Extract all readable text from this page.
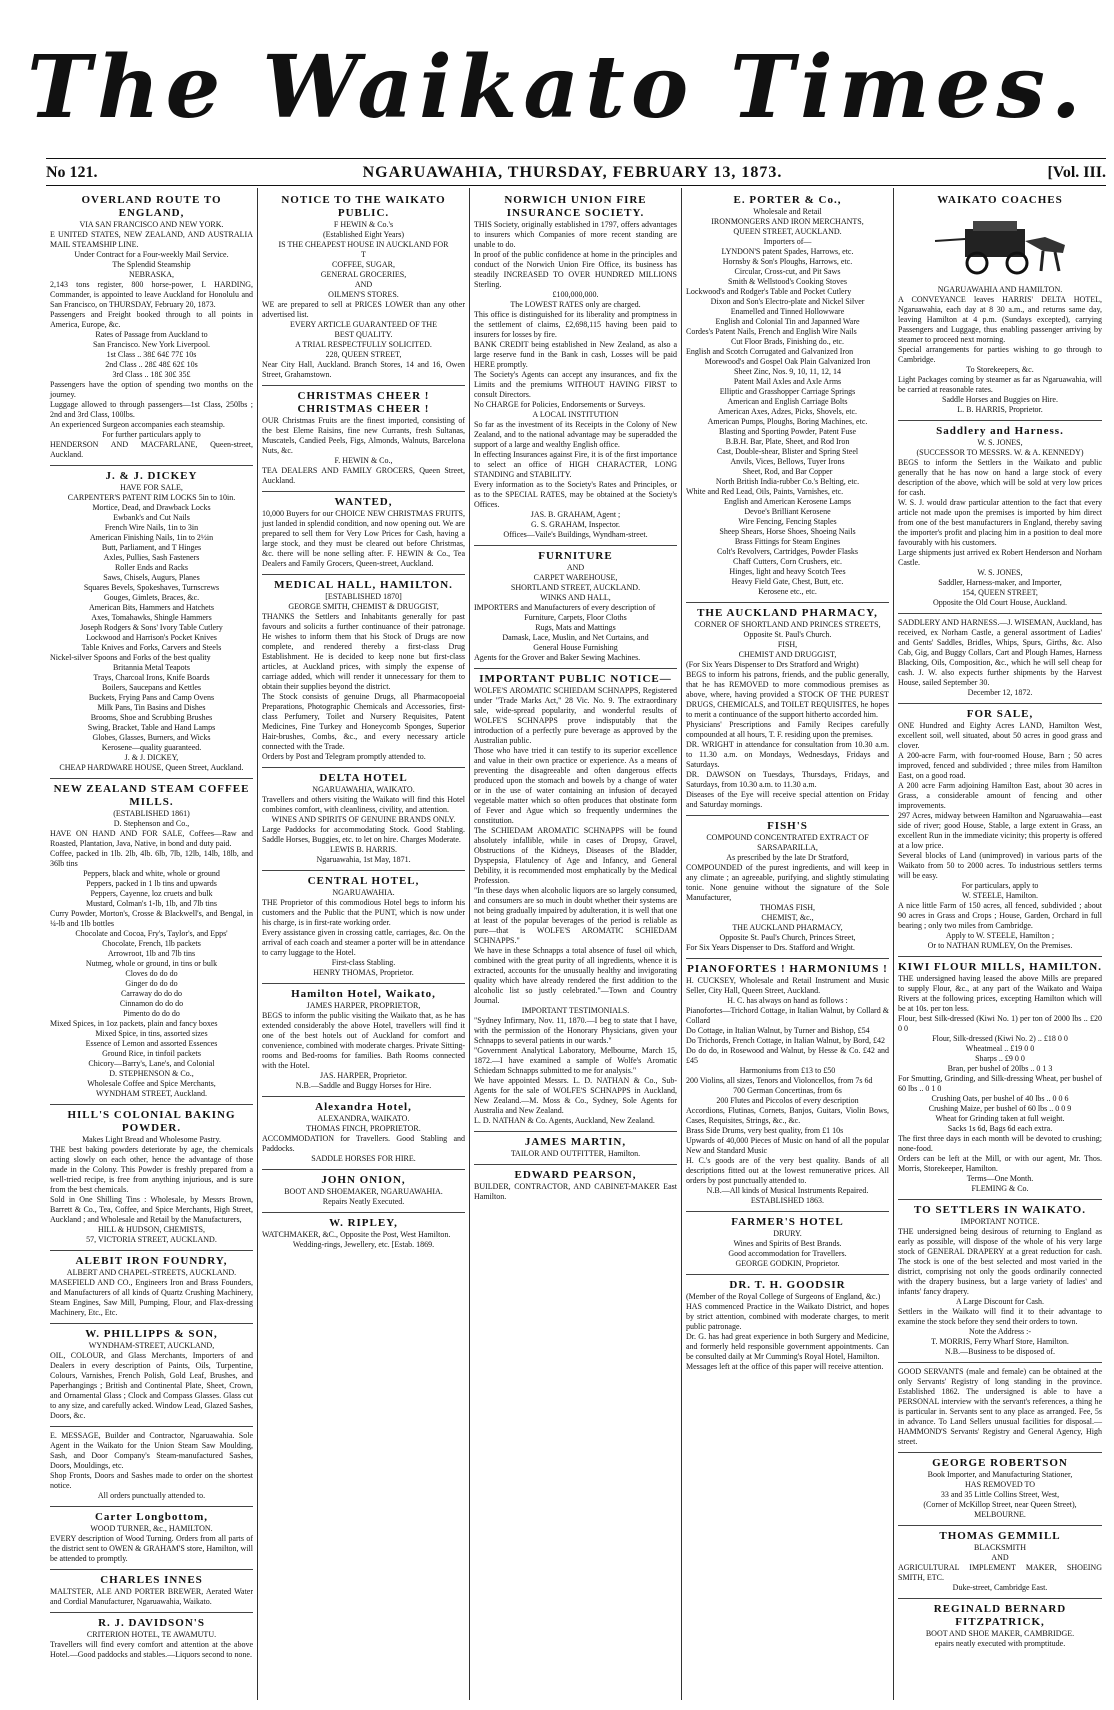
The Waikato Times.
No 121.	NGARUAWAHIA, THURSDAY, FEBRUARY 13, 1873.	[Vol. III.
OVERLAND ROUTE TO ENGLAND,
VIA SAN FRANCISCO AND NEW YORK.
E UNITED STATES, NEW ZEALAND, AND AUSTRALIA MAIL STEAMSHIP LINE.
Under Contract for a Four-weekly Mail Service.
The Splendid Steamship
NEBRASKA,
2,143 tons register, 800 horse-power, I. HARDING, Commander, is appointed to leave Auckland for Honolulu and San Francisco, on THURSDAY, February 20, 1873.
Passengers and Freight booked through to all points in America, Europe, &c.
Rates of Passage from Auckland to
San Francisco. New York Liverpool.
1st Class .. 38£ 64£ 77£ 10s
2nd Class .. 28£ 48£ 62£ 10s
3rd Class .. 18£ 30£ 35£
Passengers have the option of spending two months on the journey.
Luggage allowed to through passengers—1st Class, 250lbs ; 2nd and 3rd Class, 100lbs.
An experienced Surgeon accompanies each steamship.
For further particulars apply to
HENDERSON AND MACFARLANE, Queen-street, Auckland.
J. & J. DICKEY
HAVE FOR SALE,
CARPENTER'S PATENT RIM LOCKS 5in to 10in.
Mortice, Dead, and Drawback Locks
Ewbank's and Cut Nails
French Wire Nails, 1in to 3in
American Finishing Nails, 1in to 2½in
Butt, Parliament, and T Hinges
Axles, Pullies, Sash Fasteners
Roller Ends and Racks
Saws, Chisels, Augurs, Planes
Squares Bevels, Spokeshaves, Turnscrews
Gouges, Gimlets, Braces, &c.
American Bits, Hammers and Hatchets
Axes, Tomahawks, Shingle Hammers
Joseph Rodgers & Sons' Ivory Table Cutlery
Lockwood and Harrison's Pocket Knives
Table Knives and Forks, Carvers and Steels
Nickel-silver Spoons and Forks of the best quality
Britannia Metal Teapots
Trays, Charcoal Irons, Knife Boards
Boilers, Saucepans and Kettles
Buckets, Frying Pans and Camp Ovens
Milk Pans, Tin Basins and Dishes
Brooms, Shoe and Scrubbing Brushes
Swing, Bracket, Table and Hand Lamps
Globes, Glasses, Burners, and Wicks
Kerosene—quality guaranteed.
J. & J. DICKEY,
CHEAP HARDWARE HOUSE, Queen Street, Auckland.
NEW ZEALAND STEAM COFFEE MILLS.
(ESTABLISHED 1861)
D. Stephenson and Co.,
HAVE ON HAND AND FOR SALE, Coffees—Raw and Roasted, Plantation, Java, Native, in bond and duty paid.
Coffee, packed in 1lb. 2lb, 4lb. 6lb, 7lb, 12lb, 14lb, 18lb, and 36lb tins
Peppers, black and white, whole or ground
Peppers, packed in 1 lb tins and upwards
Peppers, Cayenne, loz cruets and bulk
Mustard, Colman's 1-lb, 1lb, and 7lb tins
Curry Powder, Morton's, Crosse & Blackwell's, and Bengal, in ¼-lb and 1lb bottles
Chocolate and Cocoa, Fry's, Taylor's, and Epps'
Chocolate, French, 1lb packets
Arrowroot, 1lb and 7lb tins
Nutmeg, whole or ground, in tins or bulk
Cloves do do do
Ginger do do do
Carraway do do do
Cinnamon do do do
Pimento do do do
Mixed Spices, in 1oz packets, plain and fancy boxes
Mixed Spice, in tins, assorted sizes
Essence of Lemon and assorted Essences
Ground Rice, in tinfoil packets
Chicory—Barry's, Lane's, and Colonial
D. STEPHENSON & Co.,
Wholesale Coffee and Spice Merchants,
WYNDHAM STREET, Auckland.
HILL'S COLONIAL BAKING POWDER.
Makes Light Bread and Wholesome Pastry.
THE best baking powders deteriorate by age, the chemicals acting slowly on each other, hence the advantage of those made in the Colony. This Powder is freshly prepared from a well-tried recipe, is free from anything injurious, and is sure from the best chemicals.
Sold in One Shilling Tins : Wholesale, by Messrs Brown, Barrett & Co., Tea, Coffee, and Spice Merchants, High Street, Auckland ; and Wholesale and Retail by the Manufacturers,
HILL & HUDSON, CHEMISTS,
57, VICTORIA STREET, AUCKLAND.
ALEBIT IRON FOUNDRY,
ALBERT AND CHAPEL-STREETS, AUCKLAND.
MASEFIELD AND CO., Engineers Iron and Brass Founders, and Manufacturers of all kinds of Quartz Crushing Machinery, Steam Engines, Saw Mill, Pumping, Flour, and Flax-dressing Machinery, Etc., Etc.
W. PHILLIPPS & SON,
WYNDHAM-STREET, AUCKLAND,
OIL, COLOUR, and Glass Merchants, Importers of and Dealers in every description of Paints, Oils, Turpentine, Colours, Varnishes, French Polish, Gold Leaf, Brushes, and Paperhangings ; British and Continental Plate, Sheet, Crown, and Ornamental Glass ; Clock and Compass Glasses. Glass cut to any size, and carefully acked. Window Lead, Glazed Sashes, Doors, &c.
E. MESSAGE, Builder and Contractor, Ngaruawahia. Sole Agent in the Waikato for the Union Steam Saw Moulding, Sash, and Door Company's Steam-manufactured Sashes, Doors, Mouldings, etc.
Shop Fronts, Doors and Sashes made to order on the shortest notice.
All orders punctually attended to.
Carter Longbottom,
WOOD TURNER, &c., HAMILTON.
EVERY description of Wood Turning. Orders from all parts of the district sent to OWEN & GRAHAM'S store, Hamilton, will be attended to promptly.
CHARLES INNES
MALTSTER, ALE AND PORTER BREWER, Aerated Water and Cordial Manufacturer, Ngaruawahia, Waikato.
R. J. DAVIDSON'S
CRITERION HOTEL, TE AWAMUTU.
Travellers will find every comfort and attention at the above Hotel.—Good paddocks and stables.—Liquors second to none.
NOTICE TO THE WAIKATO PUBLIC.
F HEWIN & Co.'s
(Established Eight Years)
IS THE CHEAPEST HOUSE IN AUCKLAND FOR
T
COFFEE, SUGAR,
GENERAL GROCERIES,
AND
OILMEN'S STORES.
WE are prepared to sell at PRICES LOWER than any other advertised list.
EVERY ARTICLE GUARANTEED OF THE
BEST QUALITY.
A TRIAL RESPECTFULLY SOLICITED.
228, QUEEN STREET,
Near City Hall, Auckland. Branch Stores, 14 and 16, Owen Street, Grahamstown.
CHRISTMAS CHEER ! CHRISTMAS CHEER !
OUR Christmas Fruits are the finest imported, consisting of the best Eleme Raisins, fine new Currants, fresh Sultanas, Muscatels, Candied Peels, Figs, Almonds, Walnuts, Barcelona Nuts, &c.
F. HEWIN & Co.,
TEA DEALERS AND FAMILY GROCERS, Queen Street, Auckland.
WANTED,
10,000 Buyers for our CHOICE NEW CHRISTMAS FRUITS, just landed in splendid condition, and now opening out. We are prepared to sell them for Very Low Prices for Cash, having a large stock, and they must be cleared out before Christmas, &c. there will be none selling after. F. HEWIN & Co., Tea Dealers and Family Grocers, Queen-street, Auckland.
MEDICAL HALL, HAMILTON.
[ESTABLISHED 1870]
GEORGE SMITH, CHEMIST & DRUGGIST,
THANKS the Settlers and Inhabitants generally for past favours and solicits a further continuance of their patronage. He wishes to inform them that his Stock of Drugs are now complete, and rendered thereby a first-class Drug Establishment. He is decided to keep none but first-class articles, at Auckland prices, with simply the expense of carriage added, which will render it unnecessary for them to obtain their supplies beyond the district.
The Stock consists of genuine Drugs, all Pharmacopoeial Preparations, Photographic Chemicals and Accessories, first-class Perfumery, Toilet and Nursery Requisites, Patent Medicines, Fine Turkey and Honeycomb Sponges, Superior Hair-brushes, Combs, &c., and every necessary article connected with the Trade.
Orders by Post and Telegram promptly attended to.
DELTA HOTEL
NGARUAWAHIA, WAIKATO.
Travellers and others visiting the Waikato will find this Hotel combines comfort, with cleanliness, civility, and attention.
WINES AND SPIRITS OF GENUINE BRANDS ONLY.
Large Paddocks for accommodating Stock. Good Stabling. Saddle Horses, Buggies, etc. to let on hire. Charges Moderate.
LEWIS B. HARRIS.
Ngaruawahia, 1st May, 1871.
CENTRAL HOTEL,
NGARUAWAHIA.
THE Proprietor of this commodious Hotel begs to inform his customers and the Public that the PUNT, which is now under his charge, is in first-rate working order.
Every assistance given in crossing cattle, carriages, &c. On the arrival of each coach and steamer a porter will be in attendance to carry luggage to the Hotel.
First-class Stabling.
HENRY THOMAS, Proprietor.
Hamilton Hotel, Waikato,
JAMES HARPER, PROPRIETOR,
BEGS to inform the public visiting the Waikato that, as he has extended considerably the above Hotel, travellers will find it one of the best hotels out of Auckland for comfort and convenience, combined with moderate charges. Private Sitting-rooms and Bed-rooms for families. Bath Rooms connected with the Hotel.
JAS. HARPER, Proprietor.
N.B.—Saddle and Buggy Horses for Hire.
Alexandra Hotel,
ALEXANDRA, WAIKATO.
THOMAS FINCH, PROPRIETOR.
ACCOMMODATION for Travellers. Good Stabling and Paddocks.
SADDLE HORSES FOR HIRE.
JOHN ONION,
BOOT AND SHOEMAKER, NGARUAWAHIA.
Repairs Neatly Executed.
W. RIPLEY,
WATCHMAKER, &C., Opposite the Post, West Hamilton.
Wedding-rings, Jewellery, etc. [Estab. 1869.
NORWICH UNION FIRE INSURANCE SOCIETY.
THIS Society, originally established in 1797, offers advantages to insurers which Companies of more recent standing are unable to do.
In proof of the public confidence at home in the principles and conduct of the Norwich Union Fire Office, its business has steadily INCREASED TO OVER HUNDRED MILLIONS Sterling.
£100,000,000.
The LOWEST RATES only are charged.
This office is distinguished for its liberality and promptness in the settlement of claims, £2,698,115 having been paid to insurers for losses by fire.
BANK CREDIT being established in New Zealand, as also a large reserve fund in the Bank in cash, Losses will be paid HERE promptly.
The Society's Agents can accept any insurances, and fix the Limits and the premiums WITHOUT HAVING FIRST to consult Directors.
No CHARGE for Policies, Endorsements or Surveys.
A LOCAL INSTITUTION
So far as the investment of its Receipts in the Colony of New Zealand, and to the national advantage may be superadded the support of a large and wealthy English office.
In effecting Insurances against Fire, it is of the first importance to select an office of HIGH CHARACTER, LONG STANDING and STABILITY.
Every information as to the Society's Rates and Principles, or as to the SPECIAL RATES, may be obtained at the Society's Offices.
JAS. B. GRAHAM, Agent ;
G. S. GRAHAM, Inspector.
Offices—Vaile's Buildings, Wyndham-street.
FURNITURE
AND
CARPET WAREHOUSE,
SHORTLAND STREET, AUCKLAND.
WINKS AND HALL,
IMPORTERS and Manufacturers of every description of
Furniture, Carpets, Floor Cloths
Rugs, Mats and Mattings
Damask, Lace, Muslin, and Net Curtains, and
General House Furnishing
Agents for the Grover and Baker Sewing Machines.
IMPORTANT PUBLIC NOTICE—
WOLFE'S AROMATIC SCHIEDAM SCHNAPPS, Registered under "Trade Marks Act," 28 Vic. No. 9. The extraordinary sale, wide-spread popularity, and wonderful results of WOLFE'S SCHNAPPS prove indisputably that the introduction of a perfectly pure beverage as approved by the Australian public.
Those who have tried it can testify to its superior excellence and value in their own practice or experience. As a means of preventing the disagreeable and often dangerous effects produced upon the stomach and bowels by a change of water or in the use of water containing an infusion of decayed vegetable matter which so often produces that obstinate form of Fever and Ague which so frequently undermines the constitution.
The SCHIEDAM AROMATIC SCHNAPPS will be found absolutely infallible, while in cases of Dropsy, Gravel, Obstructions of the Kidneys, Diseases of the Bladder, Dyspepsia, Flatulency of Age and Infancy, and General Debility, it is recommended most emphatically by the Medical Profession.
"In these days when alcoholic liquors are so largely consumed, and consumers are so much in doubt whether their systems are not being gradually impaired by adulteration, it is well that one at least of the popular beverages of the period is reliable as pure—that is WOLFE'S AROMATIC SCHIEDAM SCHNAPPS."
We have in these Schnapps a total absence of fusel oil which, combined with the great purity of all ingredients, whence it is extracted, accounts for the unusually healthy and invigorating quality which have already rendered the first addition to the alcoholic list so justly celebrated."—Town and Country Journal.
IMPORTANT TESTIMONIALS.
"Sydney Infirmary, Nov. 11, 1870.—I beg to state that I have, with the permission of the Honorary Physicians, given your Schnapps to several patients in our wards."
"Government Analytical Laboratory, Melbourne, March 15, 1872.—I have examined a sample of Wolfe's Aromatic Schiedam Schnapps submitted to me for analysis."
We have appointed Messrs. L. D. NATHAN & Co., Sub-Agents for the sale of WOLFE'S SCHNAPPS in Auckland, New Zealand.—M. Moss & Co., Sydney, Sole Agents for Australia and New Zealand.
L. D. NATHAN & Co. Agents, Auckland, New Zealand.
JAMES MARTIN,
TAILOR AND OUTFITTER, Hamilton.
EDWARD PEARSON,
BUILDER, CONTRACTOR, AND CABINET-MAKER East Hamilton.
E. PORTER & Co.,
Wholesale and Retail
IRONMONGERS AND IRON MERCHANTS,
QUEEN STREET, AUCKLAND.
Importers of—
LYNDON'S patent Spades, Harrows, etc.
Hornsby & Son's Ploughs, Harrows, etc.
Circular, Cross-cut, and Pit Saws
Smith & Wellstood's Cooking Stoves
Lockwood's and Rodger's Table and Pocket Cutlery
Dixon and Son's Electro-plate and Nickel Silver
Enamelled and Tinned Hollowware
English and Colonial Tin and Japanned Ware
Cordes's Patent Nails, French and English Wire Nails
Cut Floor Brads, Finishing do., etc.
English and Scotch Corrugated and Galvanized Iron
Morewood's and Gospel Oak Plain Galvanized Iron
Sheet Zinc, Nos. 9, 10, 11, 12, 14
Patent Mail Axles and Axle Arms
Elliptic and Grasshopper Carriage Springs
American and English Carriage Bolts
American Axes, Adzes, Picks, Shovels, etc.
American Pumps, Ploughs, Boring Machines, etc.
Blasting and Sporting Powder, Patent Fuse
B.B.H. Bar, Plate, Sheet, and Rod Iron
Cast, Double-shear, Blister and Spring Steel
Anvils, Vices, Bellows, Tuyer Irons
Sheet, Rod, and Bar Copper
North British India-rubber Co.'s Belting, etc.
White and Red Lead, Oils, Paints, Varnishes, etc.
English and American Kerosene Lamps
Devoe's Brilliant Kerosene
Wire Fencing, Fencing Staples
Sheep Shears, Horse Shoes, Shoeing Nails
Brass Fittings for Steam Engines
Colt's Revolvers, Cartridges, Powder Flasks
Chaff Cutters, Corn Crushers, etc.
Hinges, light and heavy Scotch Tees
Heavy Field Gate, Chest, Butt, etc.
Kerosene etc., etc.
THE AUCKLAND PHARMACY,
CORNER OF SHORTLAND AND PRINCES STREETS,
Opposite St. Paul's Church.
FISH,
CHEMIST AND DRUGGIST,
(For Six Years Dispenser to Drs Stratford and Wright)
BEGS to inform his patrons, friends, and the public generally, that he has REMOVED to more commodious premises as above, where, having provided a STOCK OF THE PUREST DRUGS, CHEMICALS, and TOILET REQUISITES, he hopes to merit a continuance of the support hitherto accorded him.
Physicians' Prescriptions and Family Recipes carefully compounded at all hours, T. F. residing upon the premises.
DR. WRIGHT in attendance for consultation from 10.30 a.m. to 11.30 a.m. on Mondays, Wednesdays, Fridays and Saturdays.
DR. DAWSON on Tuesdays, Thursdays, Fridays, and Saturdays, from 10.30 a.m. to 11.30 a.m.
Diseases of the Eye will receive special attention on Friday and Saturday mornings.
FISH'S
COMPOUND CONCENTRATED EXTRACT OF SARSAPARILLA,
As prescribed by the late Dr Stratford,
COMPOUNDED of the purest ingredients, and will keep in any climate ; an agreeable, purifying, and slightly stimulating tonic. None genuine without the signature of the Sole Manufacturer,
THOMAS FISH,
CHEMIST, &c.,
THE AUCKLAND PHARMACY,
Opposite St. Paul's Church, Princes Street,
For Six Years Dispenser to Drs. Stafford and Wright.
PIANOFORTES ! HARMONIUMS !
H. CUCKSEY, Wholesale and Retail Instrument and Music Seller, City Hall, Queen Street, Auckland.
H. C. has always on hand as follows :
Pianofortes—Trichord Cottage, in Italian Walnut, by Collard & Collard
Do Cottage, in Italian Walnut, by Turner and Bishop, £54
Do Trichords, French Cottage, in Italian Walnut, by Bord, £42
Do do do, in Rosewood and Walnut, by Hesse & Co. £42 and £45
Harmoniums from £13 to £50
200 Violins, all sizes, Tenors and Violoncellos, from 7s 6d
700 German Concertinas, from 6s
200 Flutes and Piccolos of every description
Accordions, Flutinas, Cornets, Banjos, Guitars, Violin Bows, Cases, Requisites, Strings, &c., &c.
Brass Side Drums, very best quality, from £1 10s
Upwards of 40,000 Pieces of Music on hand of all the popular New and Standard Music
H. C.'s goods are of the very best quality. Bands of all descriptions fitted out at the lowest remunerative prices. All orders by post punctually attended to.
N.B.—All kinds of Musical Instruments Repaired.
ESTABLISHED 1863.
FARMER'S HOTEL
DRURY.
Wines and Spirits of Best Brands.
Good accommodation for Travellers.
GEORGE GODKIN, Proprietor.
DR. T. H. GOODSIR
(Member of the Royal College of Surgeons of England, &c.)
HAS commenced Practice in the Waikato District, and hopes by strict attention, combined with moderate charges, to merit public patronage.
Dr. G. has had great experience in both Surgery and Medicine, and formerly held responsible government appointments. Can be consulted daily at Mr Cumming's Royal Hotel, Hamilton.
Messages left at the office of this paper will receive attention.
WAIKATO COACHES
NGARUAWAHIA AND HAMILTON.
A CONVEYANCE leaves HARRIS' DELTA HOTEL, Ngaruawahia, each day at 8 30 a.m., and returns same day, leaving Hamilton at 4 p.m. (Sundays excepted), carrying Passengers and Luggage, thus enabling passenger arriving by steamer to proceed next morning.
Special arrangements for parties wishing to go through to Cambridge.
To Storekeepers, &c.
Light Packages coming by steamer as far as Ngaruawahia, will be carried at reasonable rates.
Saddle Horses and Buggies on Hire.
L. B. HARRIS, Proprietor.
Saddlery and Harness.
W. S. JONES,
(SUCCESSOR TO MESSRS. W. & A. KENNEDY)
BEGS to inform the Settlers in the Waikato and public generally that he has now on hand a large stock of every description of the above, which will be sold at very low prices for cash.
W. S. J. would draw particular attention to the fact that every article not made upon the premises is imported by him direct from one of the best manufacturers in England, thereby saving the importer's profit and placing him in a position to deal more favourably with his customers.
Large shipments just arrived ex Robert Henderson and Norham Castle.
W. S. JONES,
Saddler, Harness-maker, and Importer,
154, QUEEN STREET,
Opposite the Old Court House, Auckland.
SADDLERY AND HARNESS.—J. WISEMAN, Auckland, has received, ex Norham Castle, a general assortment of Ladies' and Gents' Saddles, Bridles, Whips, Spurs, Girths, &c. Also Cab, Gig, and Buggy Collars, Cart and Plough Hames, Harness Blacking, Oils, Composition, &c., which he will sell cheap for cash. J. W. also expects further shipments by the Harvest House, sailed September 30.
December 12, 1872.
FOR SALE,
ONE Hundred and Eighty Acres LAND, Hamilton West, excellent soil, well situated, about 50 acres in good grass and clover.
A 200-acre Farm, with four-roomed House, Barn ; 50 acres improved, fenced and subdivided ; three miles from Hamilton East, on a good road.
A 200 acre Farm adjoining Hamilton East, about 30 acres in Grass, a considerable amount of fencing and other improvements.
297 Acres, midway between Hamilton and Ngaruawahia—east side of river; good House, Stable, a large extent in Grass, an excellent Run in the immediate vicinity; this property is offered at a low price.
Several blocks of Land (unimproved) in various parts of the Waikato from 50 to 2000 acres. To industrious settlers terms will be easy.
For particulars, apply to
W. STEELE, Hamilton.
A nice little Farm of 150 acres, all fenced, subdivided ; about 90 acres in Grass and Crops ; House, Garden, Orchard in full bearing ; only two miles from Cambridge.
Apply to W. STEELE, Hamilton ;
Or to NATHAN RUMLEY, On the Premises.
KIWI FLOUR MILLS, HAMILTON.
THE undersigned having leased the above Mills are prepared to supply Flour, &c., at any part of the Waikato and Waipa Rivers at the following prices, excepting Hamilton which will be at 10s. per ton less.
Flour, best Silk-dressed (Kiwi No. 1) per ton of 2000 lbs .. £20 0 0
Flour, Silk-dressed (Kiwi No. 2) .. £18 0 0
Wheatmeal .. £19 0 0
Sharps .. £9 0 0
Bran, per bushel of 20lbs .. 0 1 3
For Smutting, Grinding, and Silk-dressing Wheat, per bushel of 60 lbs .. 0 1 0
Crushing Oats, per bushel of 40 lbs .. 0 0 6
Crushing Maize, per bushel of 60 lbs .. 0 0 9
Wheat for Grinding taken at full weight.
Sacks 1s 6d, Bags 6d each extra.
The first three days in each month will be devoted to crushing; none-food.
Orders can be left at the Mill, or with our agent, Mr. Thos. Morris, Storekeeper, Hamilton.
Terms—One Month.
FLEMING & Co.
TO SETTLERS IN WAIKATO.
IMPORTANT NOTICE.
THE undersigned being desirous of returning to England as early as possible, will dispose of the whole of his very large stock of GENERAL DRAPERY at a great reduction for cash. The stock is one of the best selected and most varied in the district, comprising not only the goods ordinarily connected with the drapery business, but a large variety of ladies' and infants' fancy drapery.
A Large Discount for Cash.
Settlers in the Waikato will find it to their advantage to examine the stock before they send their orders to town.
Note the Address :-
T. MORRIS, Ferry Wharf Store, Hamilton.
N.B.—Business to be disposed of.
GOOD SERVANTS (male and female) can be obtained at the only Servants' Registry of long standing in the province. Established 1862. The undersigned is able to have a PERSONAL interview with the servant's references, a thing he is particular in. Servants sent to any place as arranged. Fee, 5s in advance. To Land Sellers unusual facilities for disposal.—HAMMOND'S Servants' Registry and General Agency, High street.
GEORGE ROBERTSON
Book Importer, and Manufacturing Stationer,
HAS REMOVED TO
33 and 35 Little Collins Street, West,
(Corner of McKillop Street, near Queen Street),
MELBOURNE.
THOMAS GEMMILL
BLACKSMITH
AND
AGRICULTURAL IMPLEMENT MAKER, SHOEING SMITH, ETC.
Duke-street, Cambridge East.
REGINALD BERNARD FITZPATRICK,
BOOT AND SHOE MAKER, CAMBRIDGE.
epairs neatly executed with promptitude.
